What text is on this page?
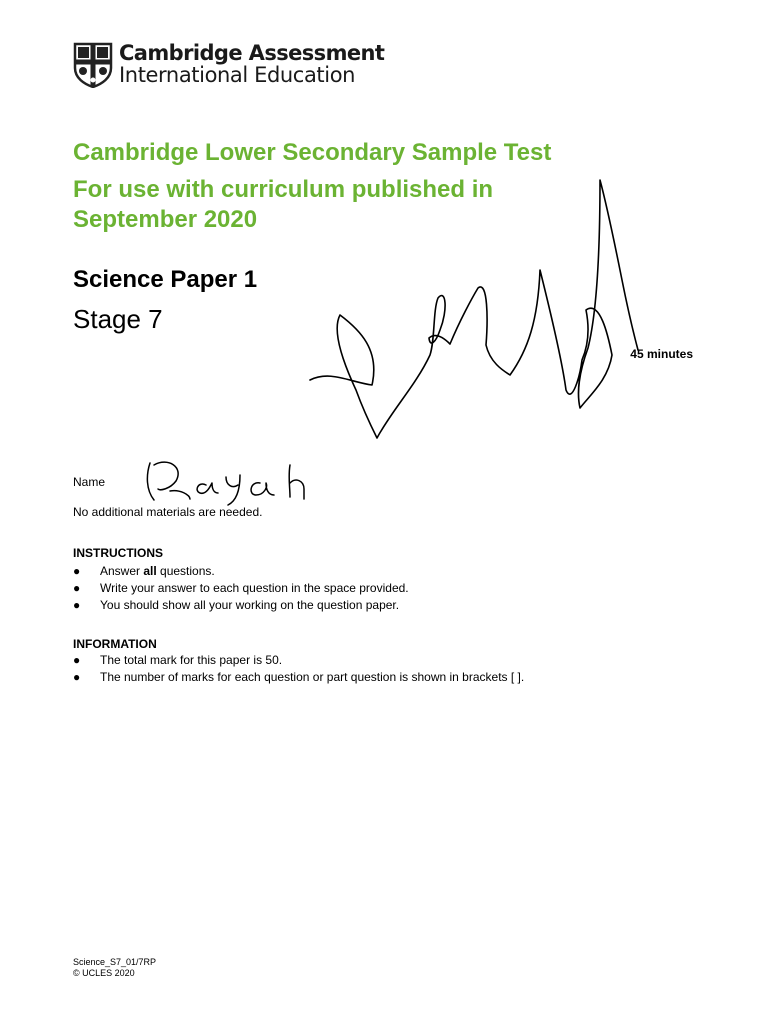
Cambridge Assessment
International Education
Cambridge Lower Secondary Sample Test
For use with curriculum published in
September 2020
Science Paper 1
Stage 7
45 minutes
Name
Rayah
No additional materials are needed.
INSTRUCTIONS
● Answer all questions.
● Write your answer to each question in the space provided.
● You should show all your working on the question paper.
INFORMATION
● The total mark for this paper is 50.
● The number of marks for each question or part question is shown in brackets [ ].
Science_S7_01/7RP
© UCLES 2020
